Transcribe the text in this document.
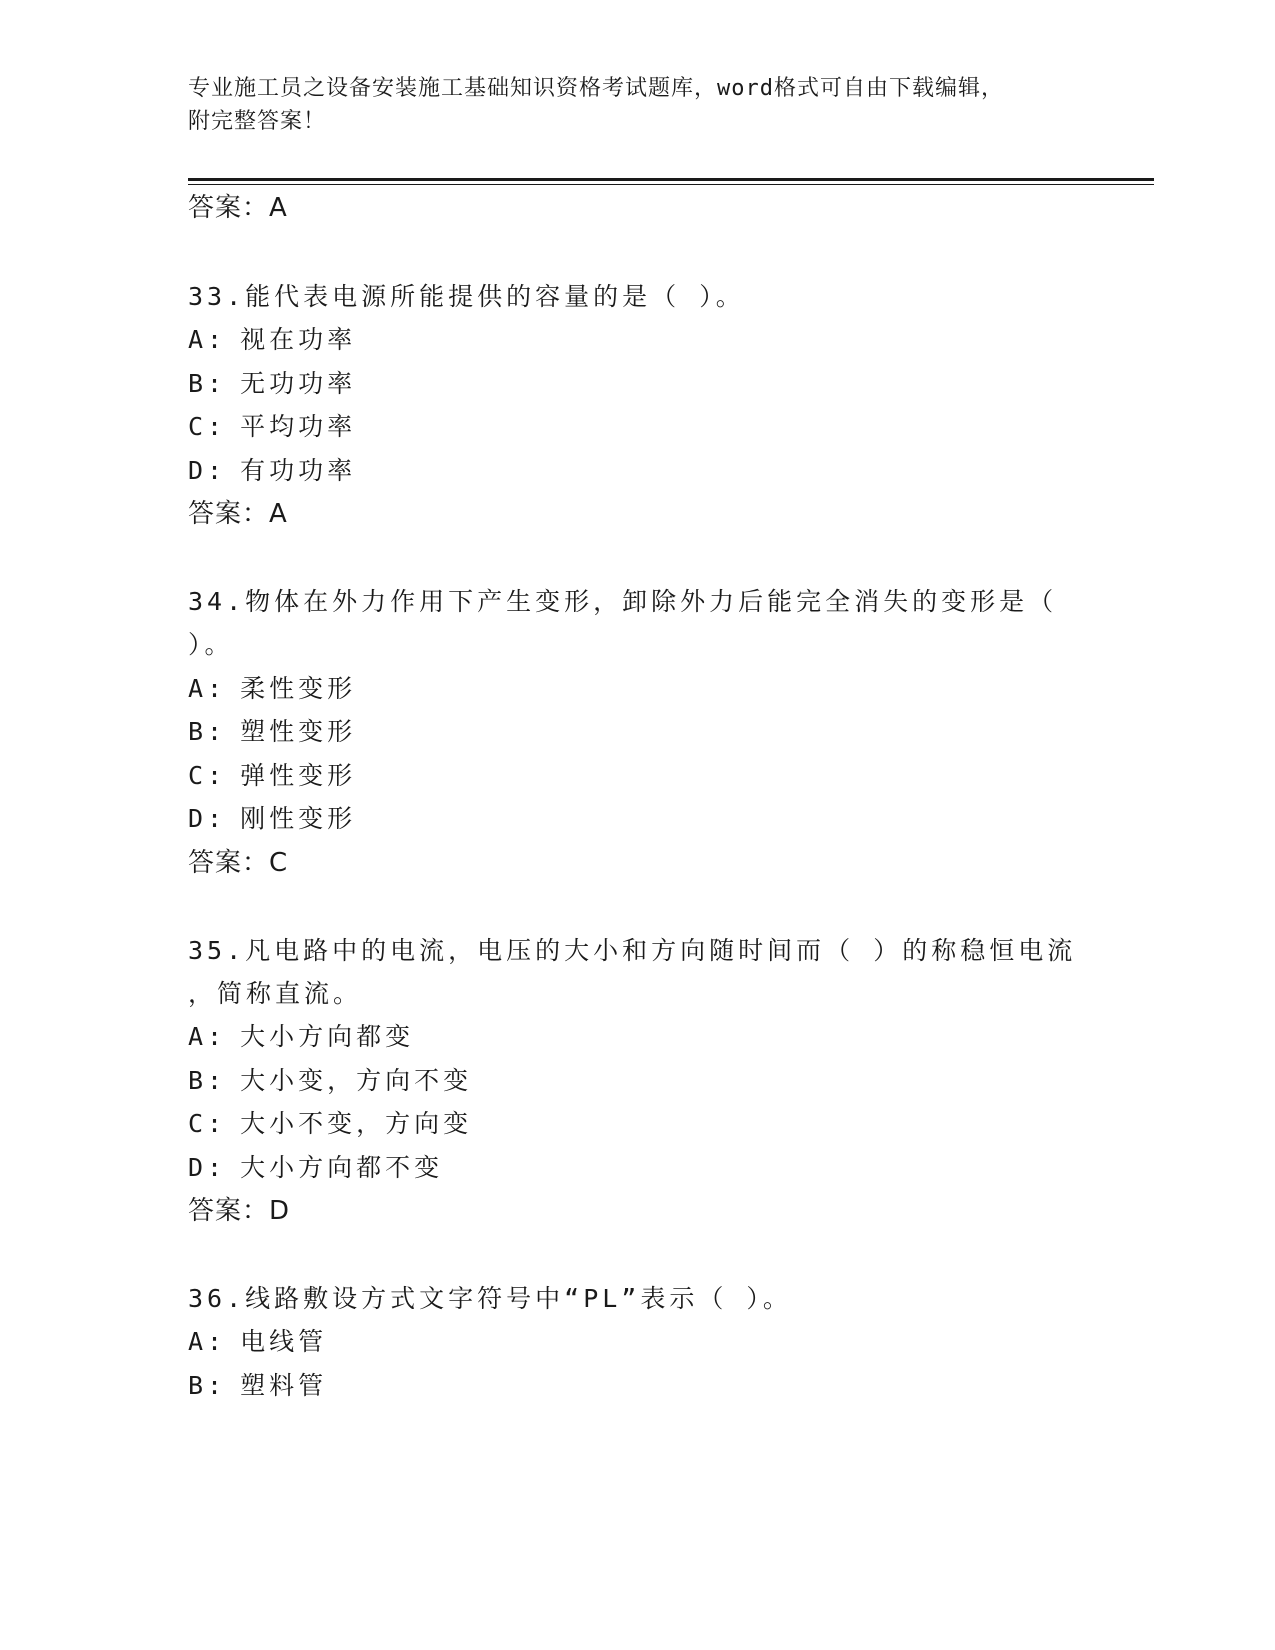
专业施工员之设备安装施工基础知识资格考试题库，word格式可自由下载编辑，
附完整答案！
答案：A
33.能代表电源所能提供的容量的是（ ）。
A: 视在功率
B: 无功功率
C: 平均功率
D: 有功功率
答案：A
34.物体在外力作用下产生变形，卸除外力后能完全消失的变形是（
）。
A: 柔性变形
B: 塑性变形
C: 弹性变形
D: 刚性变形
答案：C
35.凡电路中的电流，电压的大小和方向随时间而（ ）的称稳恒电流
，简称直流。
A: 大小方向都变
B: 大小变，方向不变
C: 大小不变，方向变
D: 大小方向都不变
答案：D
36.线路敷设方式文字符号中“PL”表示（ ）。
A: 电线管
B: 塑料管
